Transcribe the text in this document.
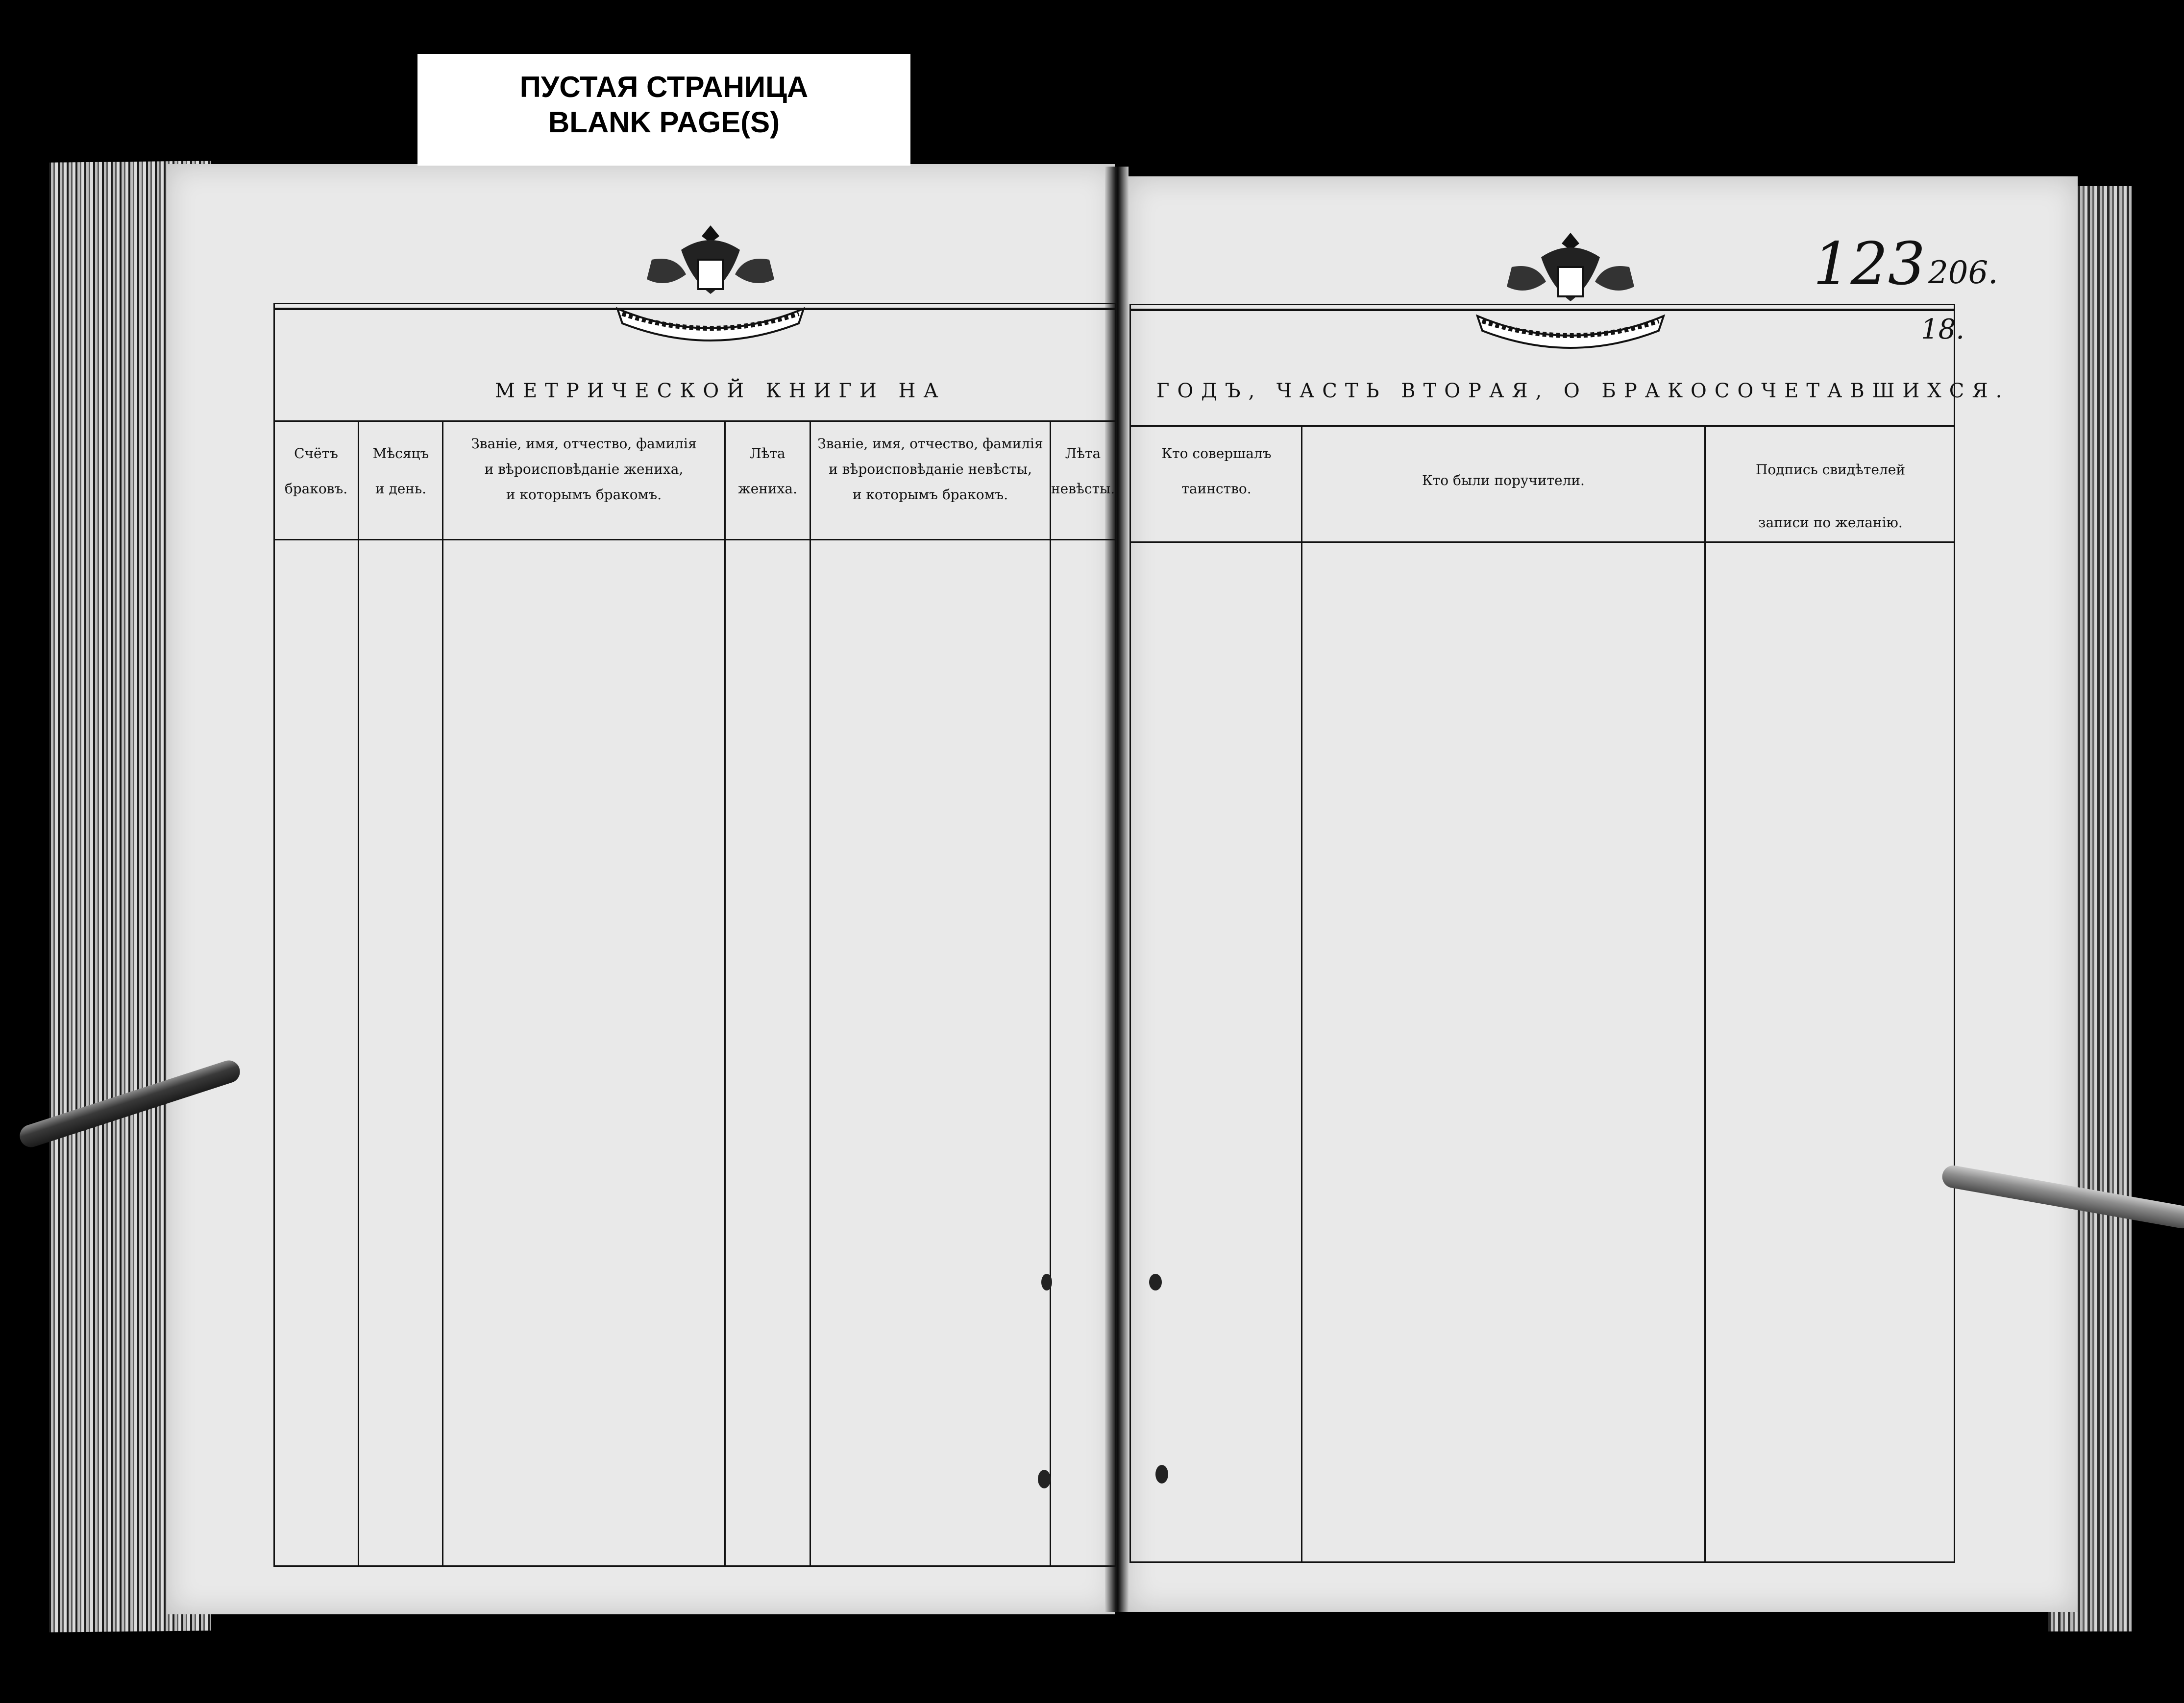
ПУСТАЯ СТРАНИЦА
BLANK PAGE(S)
МЕТРИЧЕСКОЙ КНИГИ НА	ГОДЪ, ЧАСТЬ ВТОРАЯ, О БРАКОСОЧЕТАВШИХСЯ.
Счётъ
браковъ.
Мѣсяцъ
и день.
Званіе, имя, отчество, фамилія
и вѣроисповѣданіе жениха,
и которымъ бракомъ.
Лѣта
жениха.
Званіе, имя, отчество, фамилія
и вѣроисповѣданіе невѣсты,
и которымъ бракомъ.
Лѣта
невѣсты.
Кто совершалъ
таинство.
Кто были поручители.
Подпись свидѣтелей
записи по желанію.
123 206.
18.
